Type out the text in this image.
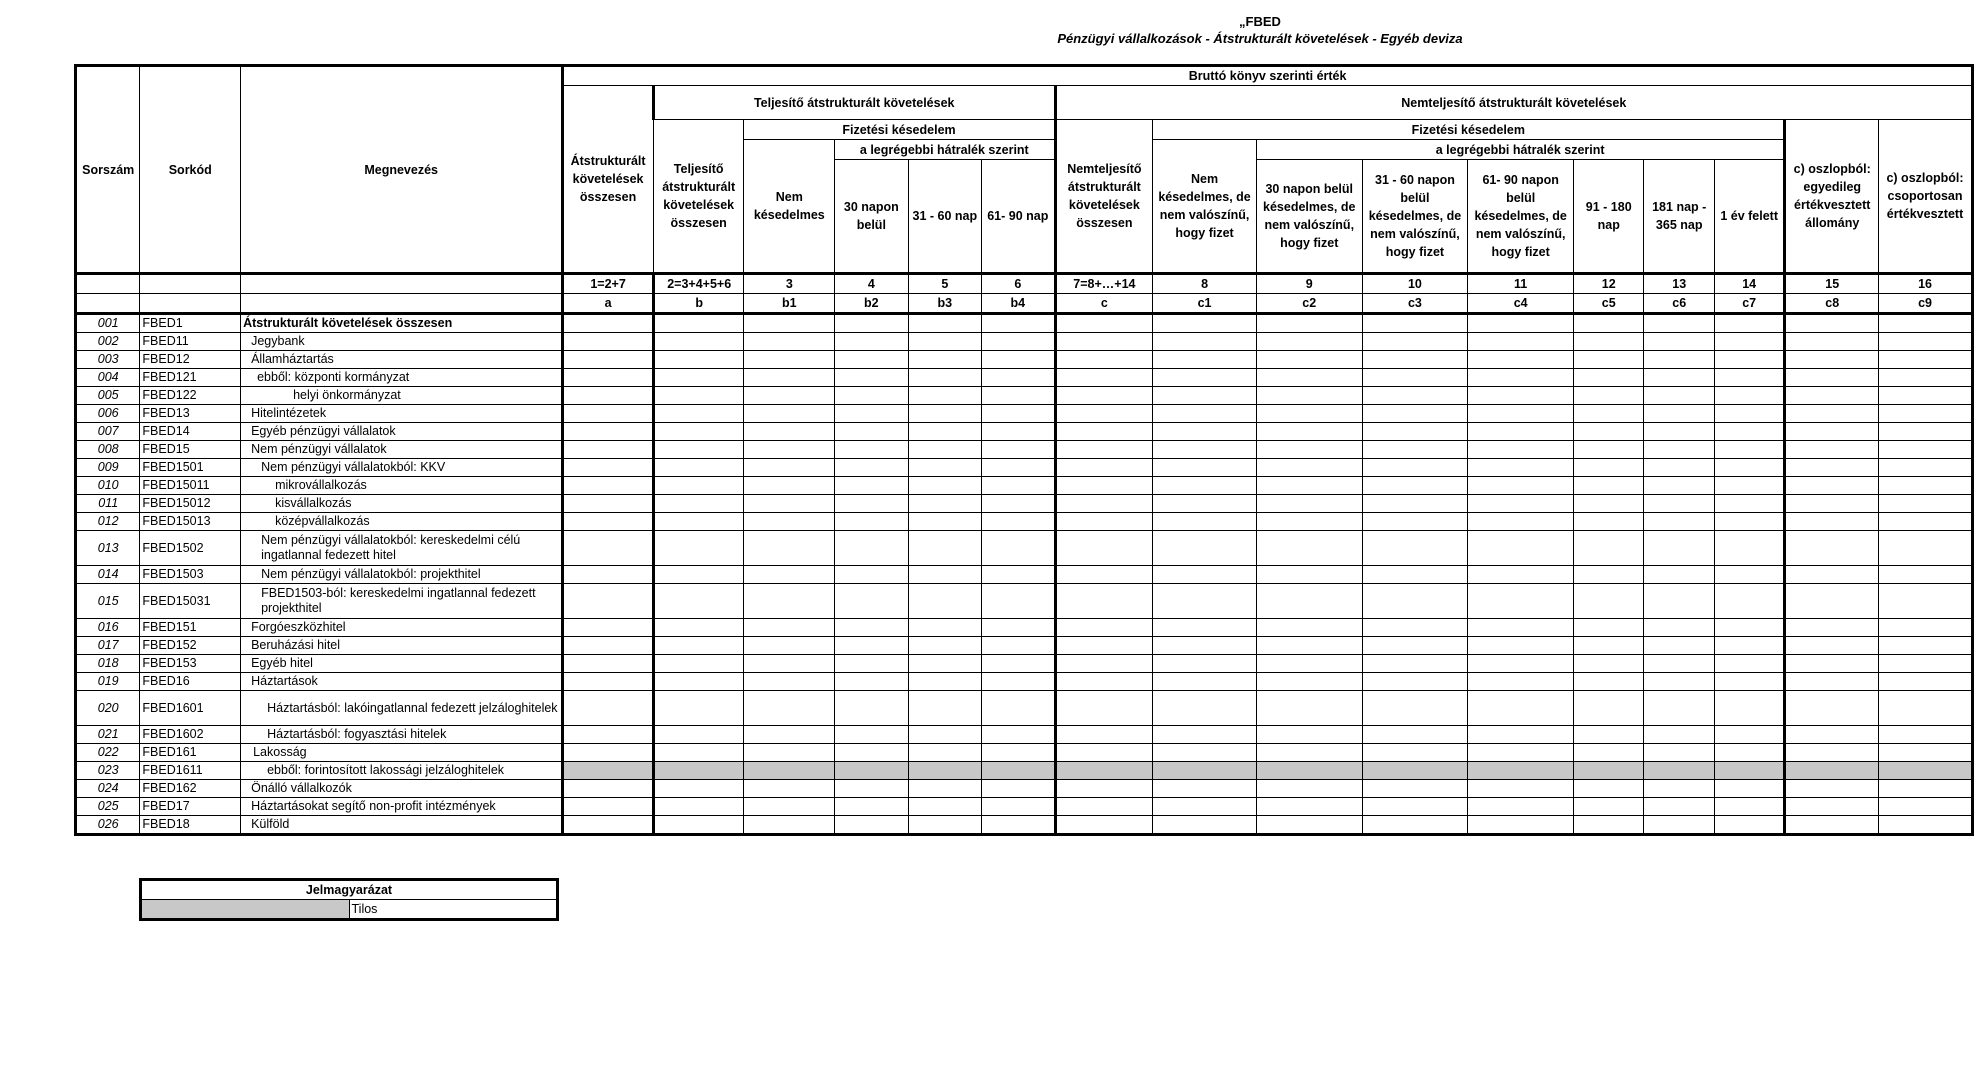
„FBED
Pénzügyi vállalkozások - Átstrukturált követelések - Egyéb deviza
Sorszám	Sorkód	Megnevezés	Bruttó könyv szerinti érték															
			Átstrukturált követelések összesen	Teljesítő átstrukturált követelések					Nemteljesítő átstrukturált követelések									
				Teljesítő átstrukturált követelések összesen	Fizetési késedelem				Nemteljesítő átstrukturált követelések összesen	Fizetési késedelem							c) oszlopból: egyedileg értékvesztett állomány	c) oszlopból: csoportosan értékvesztett
					Nem késedelmes	a legrégebbi hátralék szerint				Nem késedelmes, de nem valószínű, hogy fizet	a legrégebbi hátralék szerint							
						30 napon belül	31 - 60 nap	61- 90 nap			30 napon belül késedelmes, de nem valószínű, hogy fizet	31 - 60 napon belül késedelmes, de nem valószínű, hogy fizet	61- 90 napon belül késedelmes, de nem valószínű, hogy fizet	91 - 180 nap	181 nap - 365 nap	1 év felett		

			1=2+7	2=3+4+5+6	3	4	5	6	7=8+…+14	8	9	10	11	12	13	14	15	16
			a	b	b1	b2	b3	b4	c	c1	c2	c3	c4	c5	c6	c7	c8	c9
001	FBED1	Átstrukturált követelések összesen																
002	FBED11	Jegybank																
003	FBED12	Államháztartás																
004	FBED121	ebből: központi kormányzat																
005	FBED122	helyi önkormányzat																
006	FBED13	Hitelintézetek																
007	FBED14	Egyéb pénzügyi vállalatok																
008	FBED15	Nem pénzügyi vállalatok																
009	FBED1501	Nem pénzügyi vállalatokból: KKV																
010	FBED15011	mikrovállalkozás																
011	FBED15012	kisvállalkozás																
012	FBED15013	középvállalkozás																
013	FBED1502	Nem pénzügyi vállalatokból: kereskedelmi célú ingatlannal fedezett hitel																
014	FBED1503	Nem pénzügyi vállalatokból: projekthitel																
015	FBED15031	FBED1503-ból: kereskedelmi ingatlannal fedezett projekthitel																
016	FBED151	Forgóeszközhitel																
017	FBED152	Beruházási hitel																
018	FBED153	Egyéb hitel																
019	FBED16	Háztartások																
020	FBED1601	Háztartásból: lakóingatlannal fedezett jelzáloghitelek																
021	FBED1602	Háztartásból: fogyasztási hitelek																
022	FBED161	Lakosság																
023	FBED1611	ebből: forintosított lakossági jelzáloghitelek																
024	FBED162	Önálló vállalkozók																
025	FBED17	Háztartásokat segítő non-profit intézmények																
026	FBED18	Külföld																
Jelmagyarázat
	Tilos
